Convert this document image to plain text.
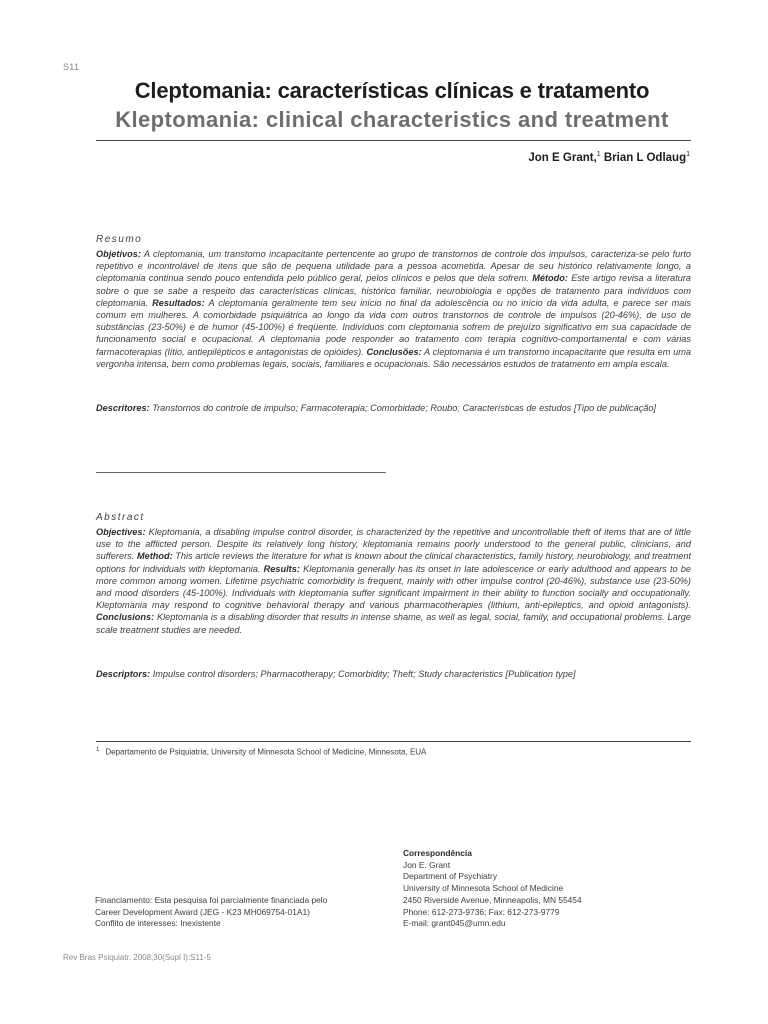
S11
Cleptomania: características clínicas e tratamento
Kleptomania: clinical characteristics and treatment
Jon E Grant,$^1$ Brian L Odlaug$^1$
Resumo

Objetivos: A cleptomania, um transtorno incapacitante pertencente ao grupo de transtornos de controle dos impulsos, caracteriza-se pelo furto repetitivo e incontrolável de itens que são de pequena utilidade para a pessoa acometida. Apesar de seu histórico relativamente longo, a cleptomania continua sendo pouco entendida pelo público geral, pelos clínicos e pelos que dela sofrem. Método: Este artigo revisa a literatura sobre o que se sabe a respeito das características clínicas, histórico familiar, neurobiologia e opções de tratamento para indivíduos com cleptomania. Resultados: A cleptomania geralmente tem seu início no final da adolescência ou no início da vida adulta, e parece ser mais comum em mulheres. A comorbidade psiquiátrica ao longo da vida com outros transtornos de controle de impulsos (20-46%), de uso de substâncias (23-50%) e de humor (45-100%) é freqüente. Indivíduos com cleptomania sofrem de prejuízo significativo em sua capacidade de funcionamento social e ocupacional. A cleptomania pode responder ao tratamento com terapia cognitivo-comportamental e com várias farmacoterapias (lítio, antiepilépticos e antagonistas de opióides). Conclusões: A cleptomania é um transtorno incapacitante que resulta em uma vergonha intensa, bem como problemas legais, sociais, familiares e ocupacionais. São necessários estudos de tratamento em ampla escala.

Descritores: Transtornos do controle de impulso; Farmacoterapia; Comorbidade; Roubo; Características de estudos [Tipo de publicação]

Abstract

Objectives: Kleptomania, a disabling impulse control disorder, is characterized by the repetitive and uncontrollable theft of items that are of little use to the afflicted person. Despite its relatively long history, kleptomania remains poorly understood to the general public, clinicians, and sufferers. Method: This article reviews the literature for what is known about the clinical characteristics, family history, neurobiology, and treatment options for individuals with kleptomania. Results: Kleptomania generally has its onset in late adolescence or early adulthood and appears to be more common among women. Lifetime psychiatric comorbidity is frequent, mainly with other impulse control (20-46%), substance use (23-50%) and mood disorders (45-100%). Individuals with kleptomania suffer significant impairment in their ability to function socially and occupationally. Kleptomania may respond to cognitive behavioral therapy and various pharmacotherapies (lithium, anti-epileptics, and opioid antagonists). Conclusions: Kleptomania is a disabling disorder that results in intense shame, as well as legal, social, family, and occupational problems. Large scale treatment studies are needed.

Descriptors: Impulse control disorders; Pharmacotherapy; Comorbidity; Theft; Study characteristics [Publication type]

$^1$ Departamento de Psiquiatria, University of Minnesota School of Medicine, Minnesota, EUA
Correspondência
Jon E. Grant
Department of Psychiatry
University of Minnesota School of Medicine
2450 Riverside Avenue, Minneapolis, MN 55454
Phone: 612-273-9736; Fax: 612-273-9779
E-mail: grant045@umn.edu
Financiamento: Esta pesquisa foi parcialmente financiada pelo
Career Development Award (JEG - K23 MH069754-01A1)
Conflito de interesses: Inexistente
Rev Bras Psiquiatr. 2008;30(Supl I):S11-5
